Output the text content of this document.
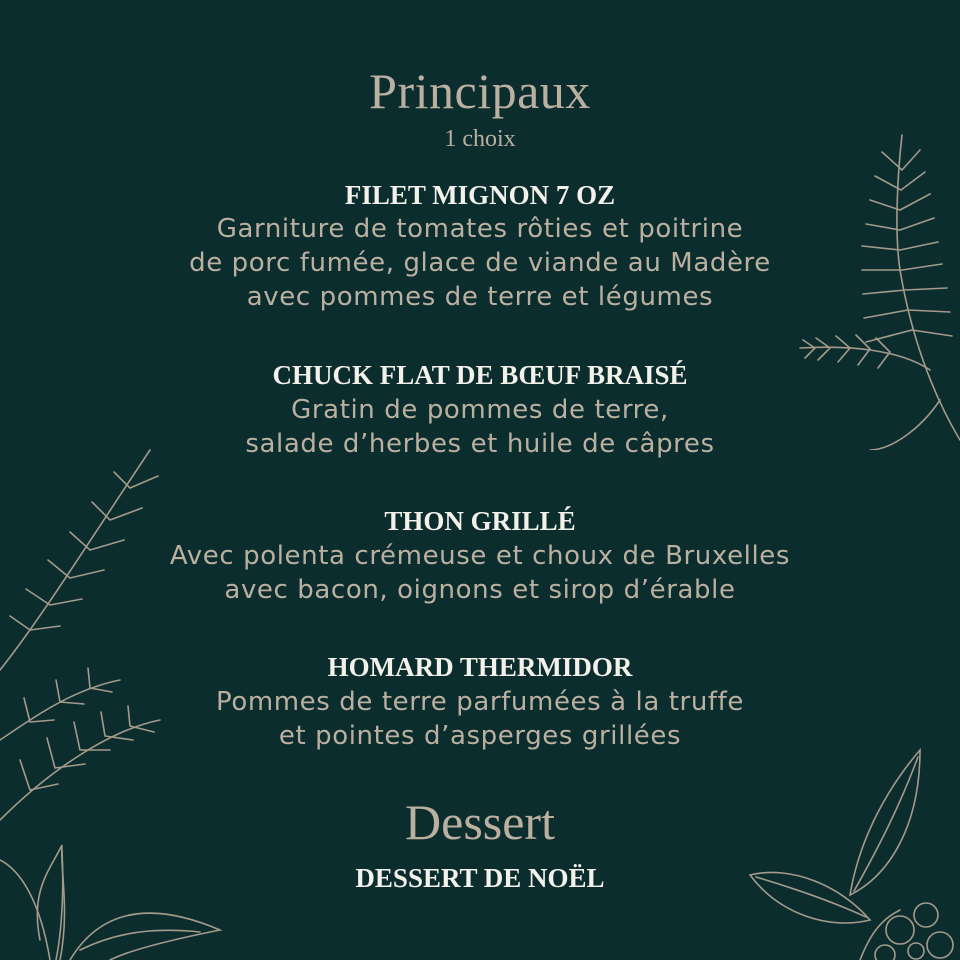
Principaux
1 choix
FILET MIGNON 7 OZ
Garniture de tomates rôties et poitrine
de porc fumée, glace de viande au Madère
avec pommes de terre et légumes
CHUCK FLAT DE BŒUF BRAISÉ
Gratin de pommes de terre,
salade d’herbes et huile de câpres
THON GRILLÉ
Avec polenta crémeuse et choux de Bruxelles
avec bacon, oignons et sirop d’érable
HOMARD THERMIDOR
Pommes de terre parfumées à la truffe
et pointes d’asperges grillées
Dessert
DESSERT DE NOËL
